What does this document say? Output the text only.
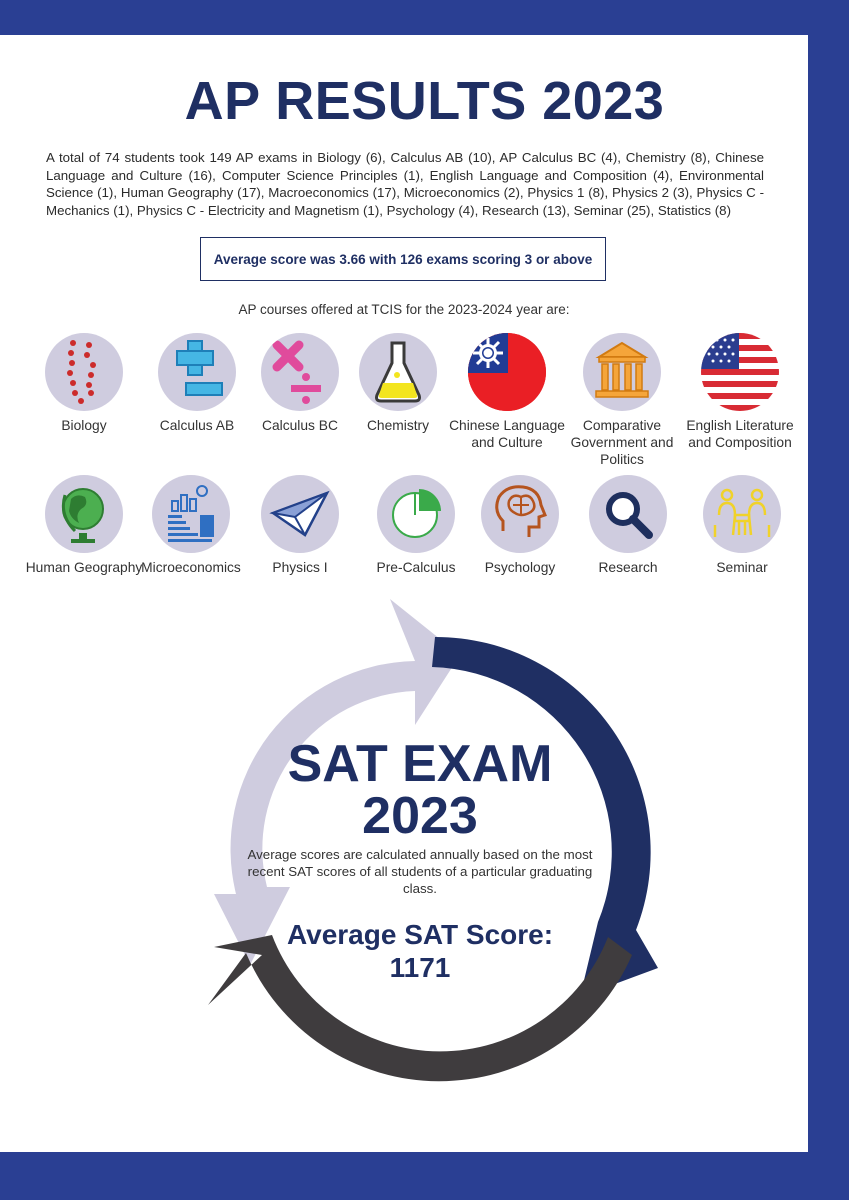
AP RESULTS 2023
A total of 74 students took 149 AP exams in Biology (6), Calculus AB (10), AP Calculus BC (4), Chemistry (8), Chinese Language and Culture (16), Computer Science Principles (1), English Language and Composition (4), Environmental Science (1), Human Geography (17), Macroeconomics (17), Microeconomics (2), Physics 1 (8), Physics 2 (3), Physics C - Mechanics (1), Physics C - Electricity and Magnetism (1), Psychology (4), Research (13), Seminar (25), Statistics (8)
Average score was 3.66 with 126 exams scoring 3 or above
AP courses offered at TCIS for the 2023-2024 year are:
Biology	Calculus AB	Calculus BC	Chemistry	Chinese Language and Culture
Comparative Government and Politics
English Literature and Composition
Human Geography
Microeconomics	Physics I	Pre-Calculus	Psychology	Research	Seminar
SAT EXAM
2023
Average scores are calculated annually based on the most recent SAT scores of all students of a particular graduating class.
Average SAT Score:
1171
